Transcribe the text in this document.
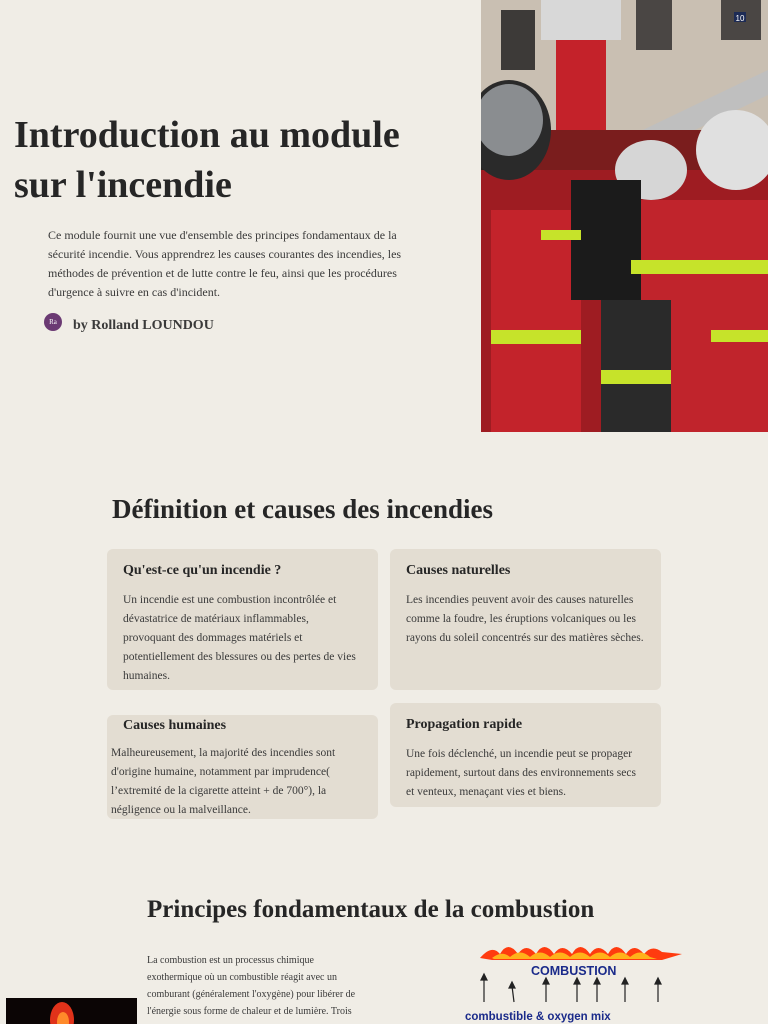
Introduction au module sur l'incendie

Ce module fournit une vue d'ensemble des principes fondamentaux de la sécurité incendie. Vous apprendrez les causes courantes des incendies, les méthodes de prévention et de lutte contre le feu, ainsi que les procédures d'urgence à suivre en cas d'incident.

Ra	by Rolland LOUNDOU
10
Définition et causes des incendies
Qu'est-ce qu'un incendie ?

Un incendie est une combustion incontrôlée et dévastatrice de matériaux inflammables, provoquant des dommages matériels et potentiellement des blessures ou des pertes de vies humaines.

Causes naturelles

Les incendies peuvent avoir des causes naturelles comme la foudre, les éruptions volcaniques ou les rayons du soleil concentrés sur des matières sèches.

Causes humaines

Malheureusement, la majorité des incendies sont d'origine humaine, notamment par imprudence( l’extremité de la cigarette atteint + de 700°), la négligence ou la malveillance.

Propagation rapide

Une fois déclenché, un incendie peut se propager rapidement, surtout dans des environnements secs et venteux, menaçant vies et biens.

Principes fondamentaux de la combustion

La combustion est un processus chimique exothermique où un combustible réagit avec un comburant (généralement l'oxygène) pour libérer de l'énergie sous forme de chaleur et de lumière. Trois

COMBUSTION
combustible & oxygen mix
